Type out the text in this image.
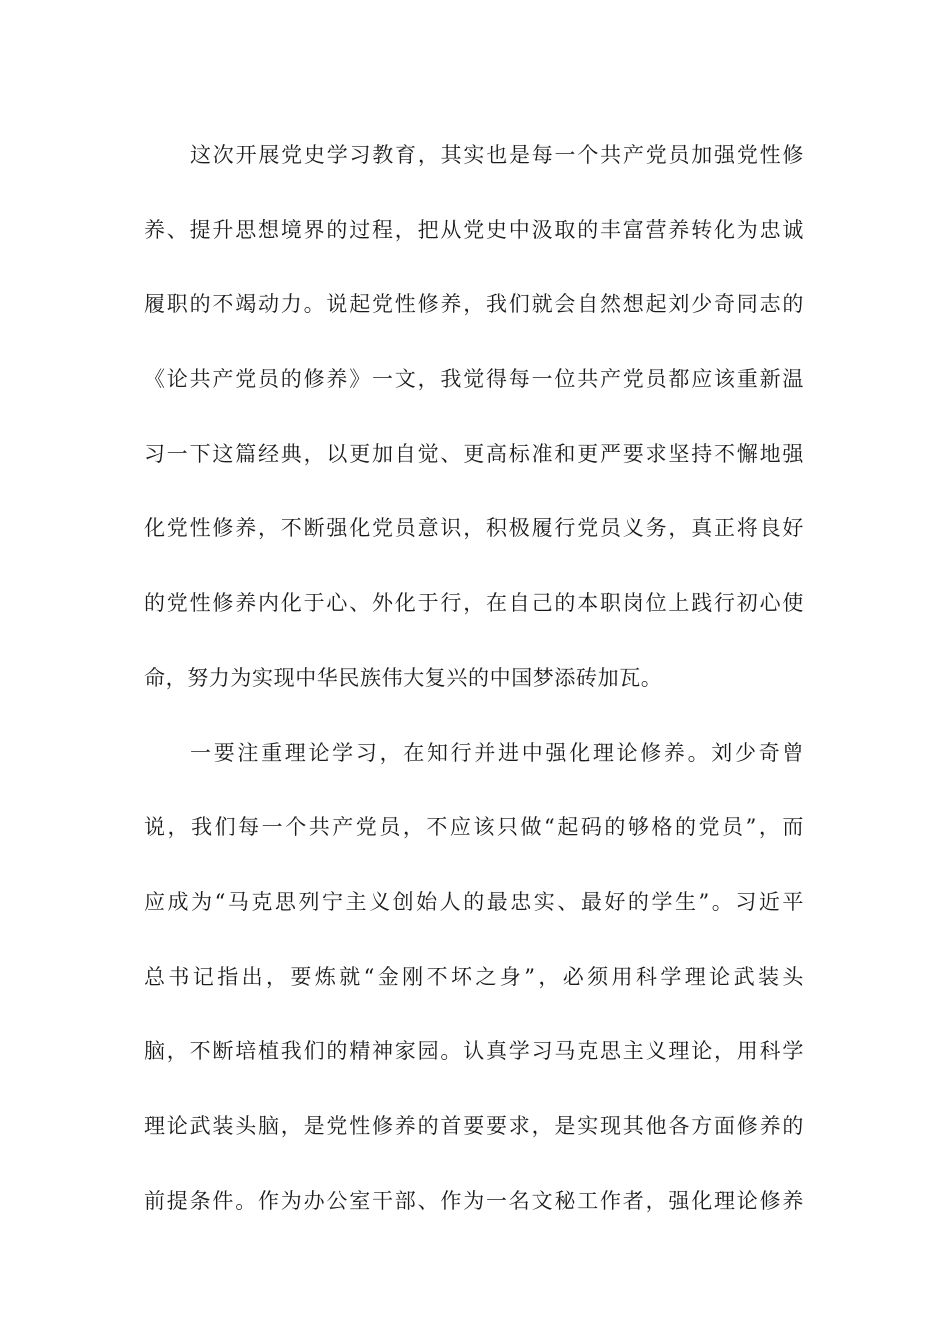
这次开展党史学习教育，其实也是每一个共产党员加强党性修
养、提升思想境界的过程，把从党史中汲取的丰富营养转化为忠诚
履职的不竭动力。说起党性修养，我们就会自然想起刘少奇同志的
《论共产党员的修养》一文，我觉得每一位共产党员都应该重新温
习一下这篇经典，以更加自觉、更高标准和更严要求坚持不懈地强
化党性修养，不断强化党员意识，积极履行党员义务，真正将良好
的党性修养内化于心、外化于行，在自己的本职岗位上践行初心使
命，努力为实现中华民族伟大复兴的中国梦添砖加瓦。
一要注重理论学习，在知行并进中强化理论修养。刘少奇曾
说，我们每一个共产党员，不应该只做“起码的够格的党员”，而
应成为“马克思列宁主义创始人的最忠实、最好的学生”。习近平
总书记指出，要炼就“金刚不坏之身”，必须用科学理论武装头
脑，不断培植我们的精神家园。认真学习马克思主义理论，用科学
理论武装头脑，是党性修养的首要要求，是实现其他各方面修养的
前提条件。作为办公室干部、作为一名文秘工作者，强化理论修养
